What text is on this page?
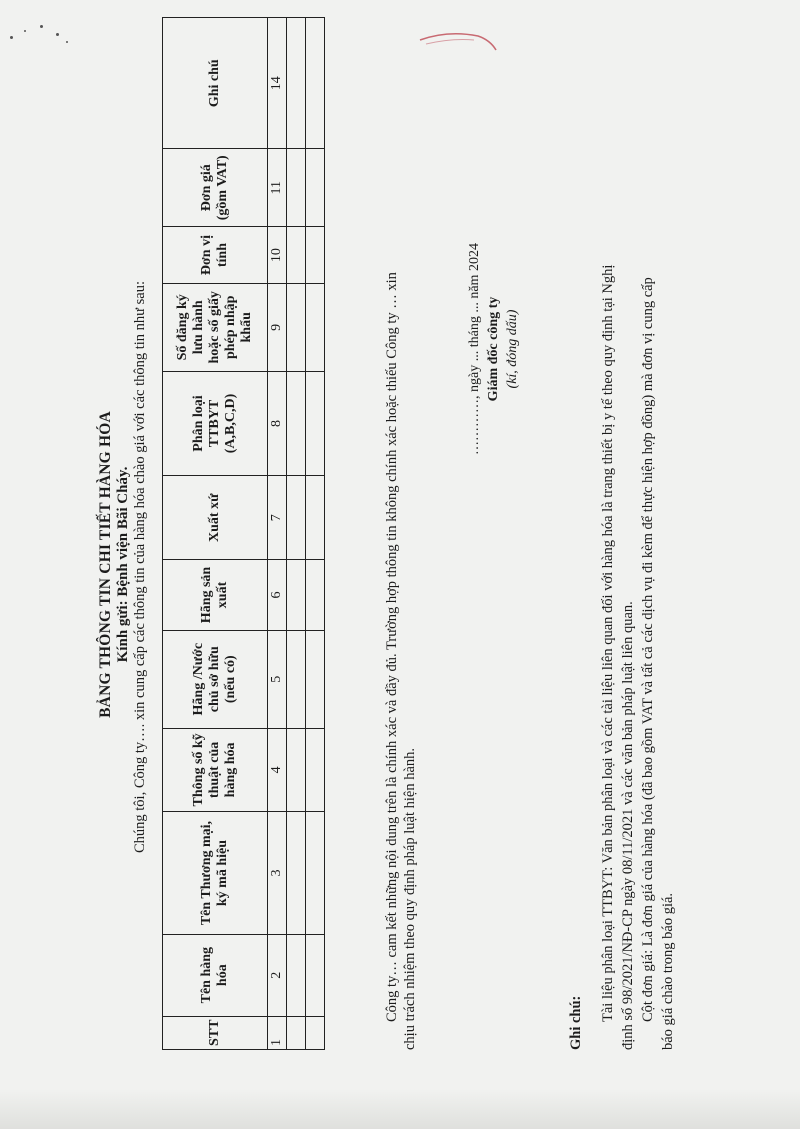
BẢNG THÔNG TIN CHI TIẾT HÀNG HÓA Kính gửi: Bệnh viện Bãi Cháy. Chúng tôi, Công ty…. xin cung cấp các thông tin của hàng hóa chào giá với các thông tin như sau:
STT	Tên hàng hóa	Tên Thương mại, ký mã hiệu	Thông số kỹ thuật của hàng hóa	Hãng /Nước chủ sở hữu (nếu có)	Hãng sản xuất	Xuất xứ	Phân loại TTBYT (A,B,C,D)	Số đăng ký lưu hành hoặc số giấy phép nhập khẩu	Đơn vị tính	Đơn giá (gồm VAT)	Ghi chú
1	2	3	4	5	6	7	8	9	10	11	14

Công ty… cam kết những nội dung trên là chính xác và đầy đủ. Trường hợp thông tin không chính xác hoặc thiếu Công ty … xin chịu trách nhiệm theo quy định pháp luật hiện hành.
…………, ngày ... tháng ... năm 2024 Giám đốc công ty (kí, đóng dấu)
Ghi chú:

Tài liệu phân loại TTBYT: Văn bản phân loại và các tài liệu liên quan đối với hàng hóa là trang thiết bị y tế theo quy định tại Nghị định số 98/2021/NĐ-CP ngày 08/11/2021 và các văn bản pháp luật liên quan. Cột đơn giá: Là đơn giá của hàng hóa (đã bao gồm VAT và tất cả các dịch vụ đi kèm để thực hiện hợp đồng) mà đơn vị cung cấp báo giá chào trong báo giá.
